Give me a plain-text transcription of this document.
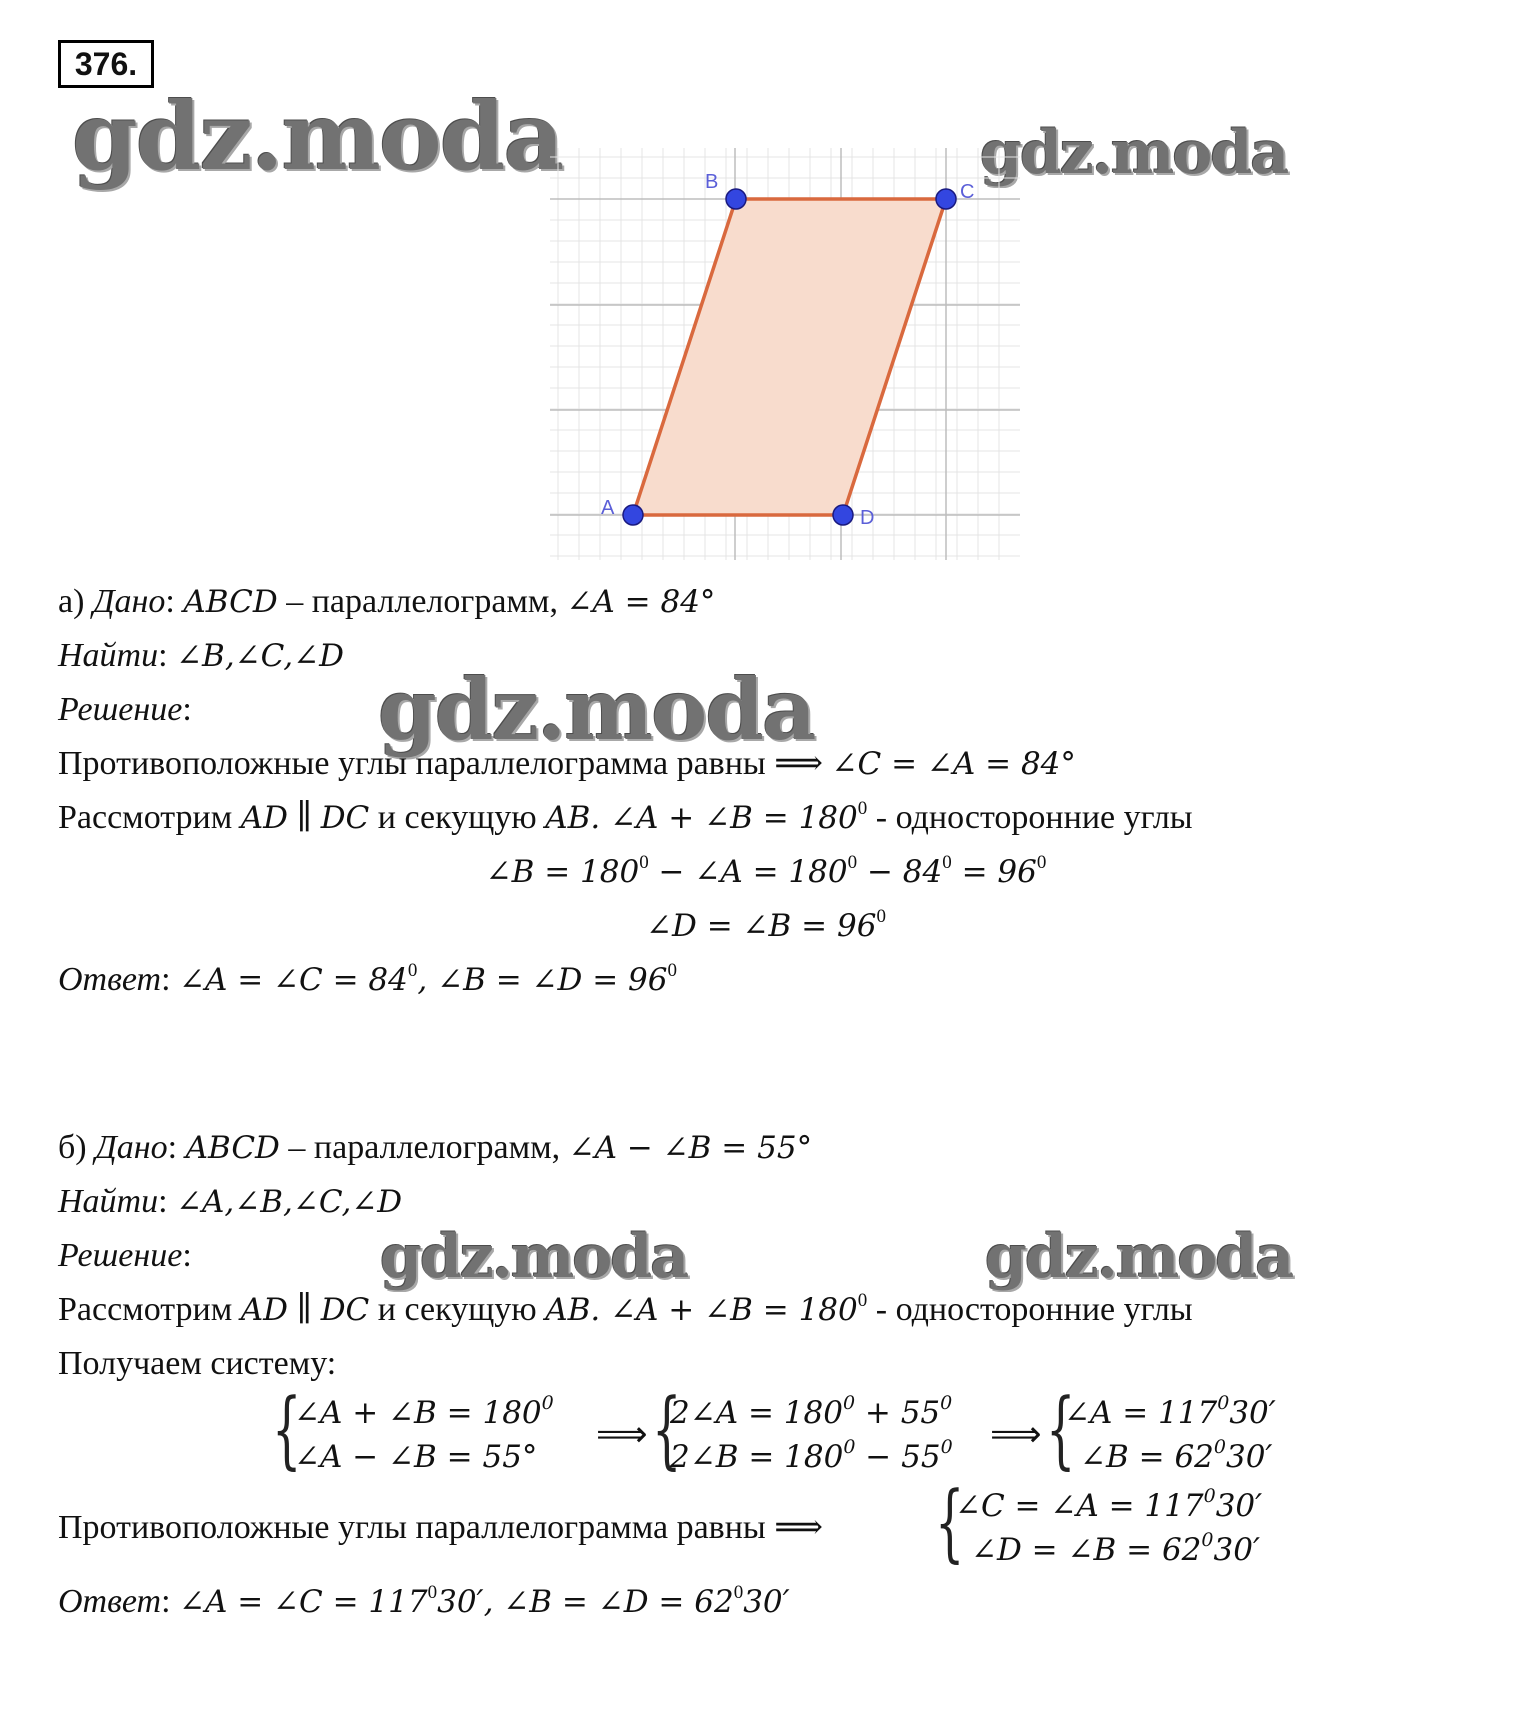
376.
gdz.moda	gdz.moda
gdz.moda
gdz.moda	gdz.moda
A
B	C
D
а) Дано: ABCD – параллелограмм, ∠A = 84°
Найти: ∠B,∠C,∠D
Решение:
Противоположные углы параллелограмма равны ⟹ ∠C = ∠A = 84°
Рассмотрим AD ∥ DC и секущую AB. ∠A + ∠B = $180^0$ - односторонние углы
∠B = $180^0$ − ∠A = $180^0 - 84^0 = 96^0$
∠D = ∠B = $96^0$
Ответ: ∠A = ∠C = $84^0$, ∠B = ∠D = $96^0$
б) Дано: ABCD – параллелограмм, ∠A − ∠B = 55°
Найти: ∠A,∠B,∠C,∠D
Решение:
Рассмотрим AD ∥ DC и секущую AB. ∠A + ∠B = $180^0$ - односторонние углы
Получаем систему:
{
∠A + ∠B = $180^0$
∠A − ∠B = 55°
⟹ {
2∠A = $180^0 + 55^0$
2∠B = $180^0 - 55^0$ ⟹ {
∠A = $117^030'$
∠B = $62^030'$
Противоположные углы параллелограмма равны ⟹ {
∠C = ∠A = $117^030'$
∠D = ∠B = $62^030'$
Ответ: ∠A = ∠C = $117^030'$, ∠B = ∠D = $62^030'$
